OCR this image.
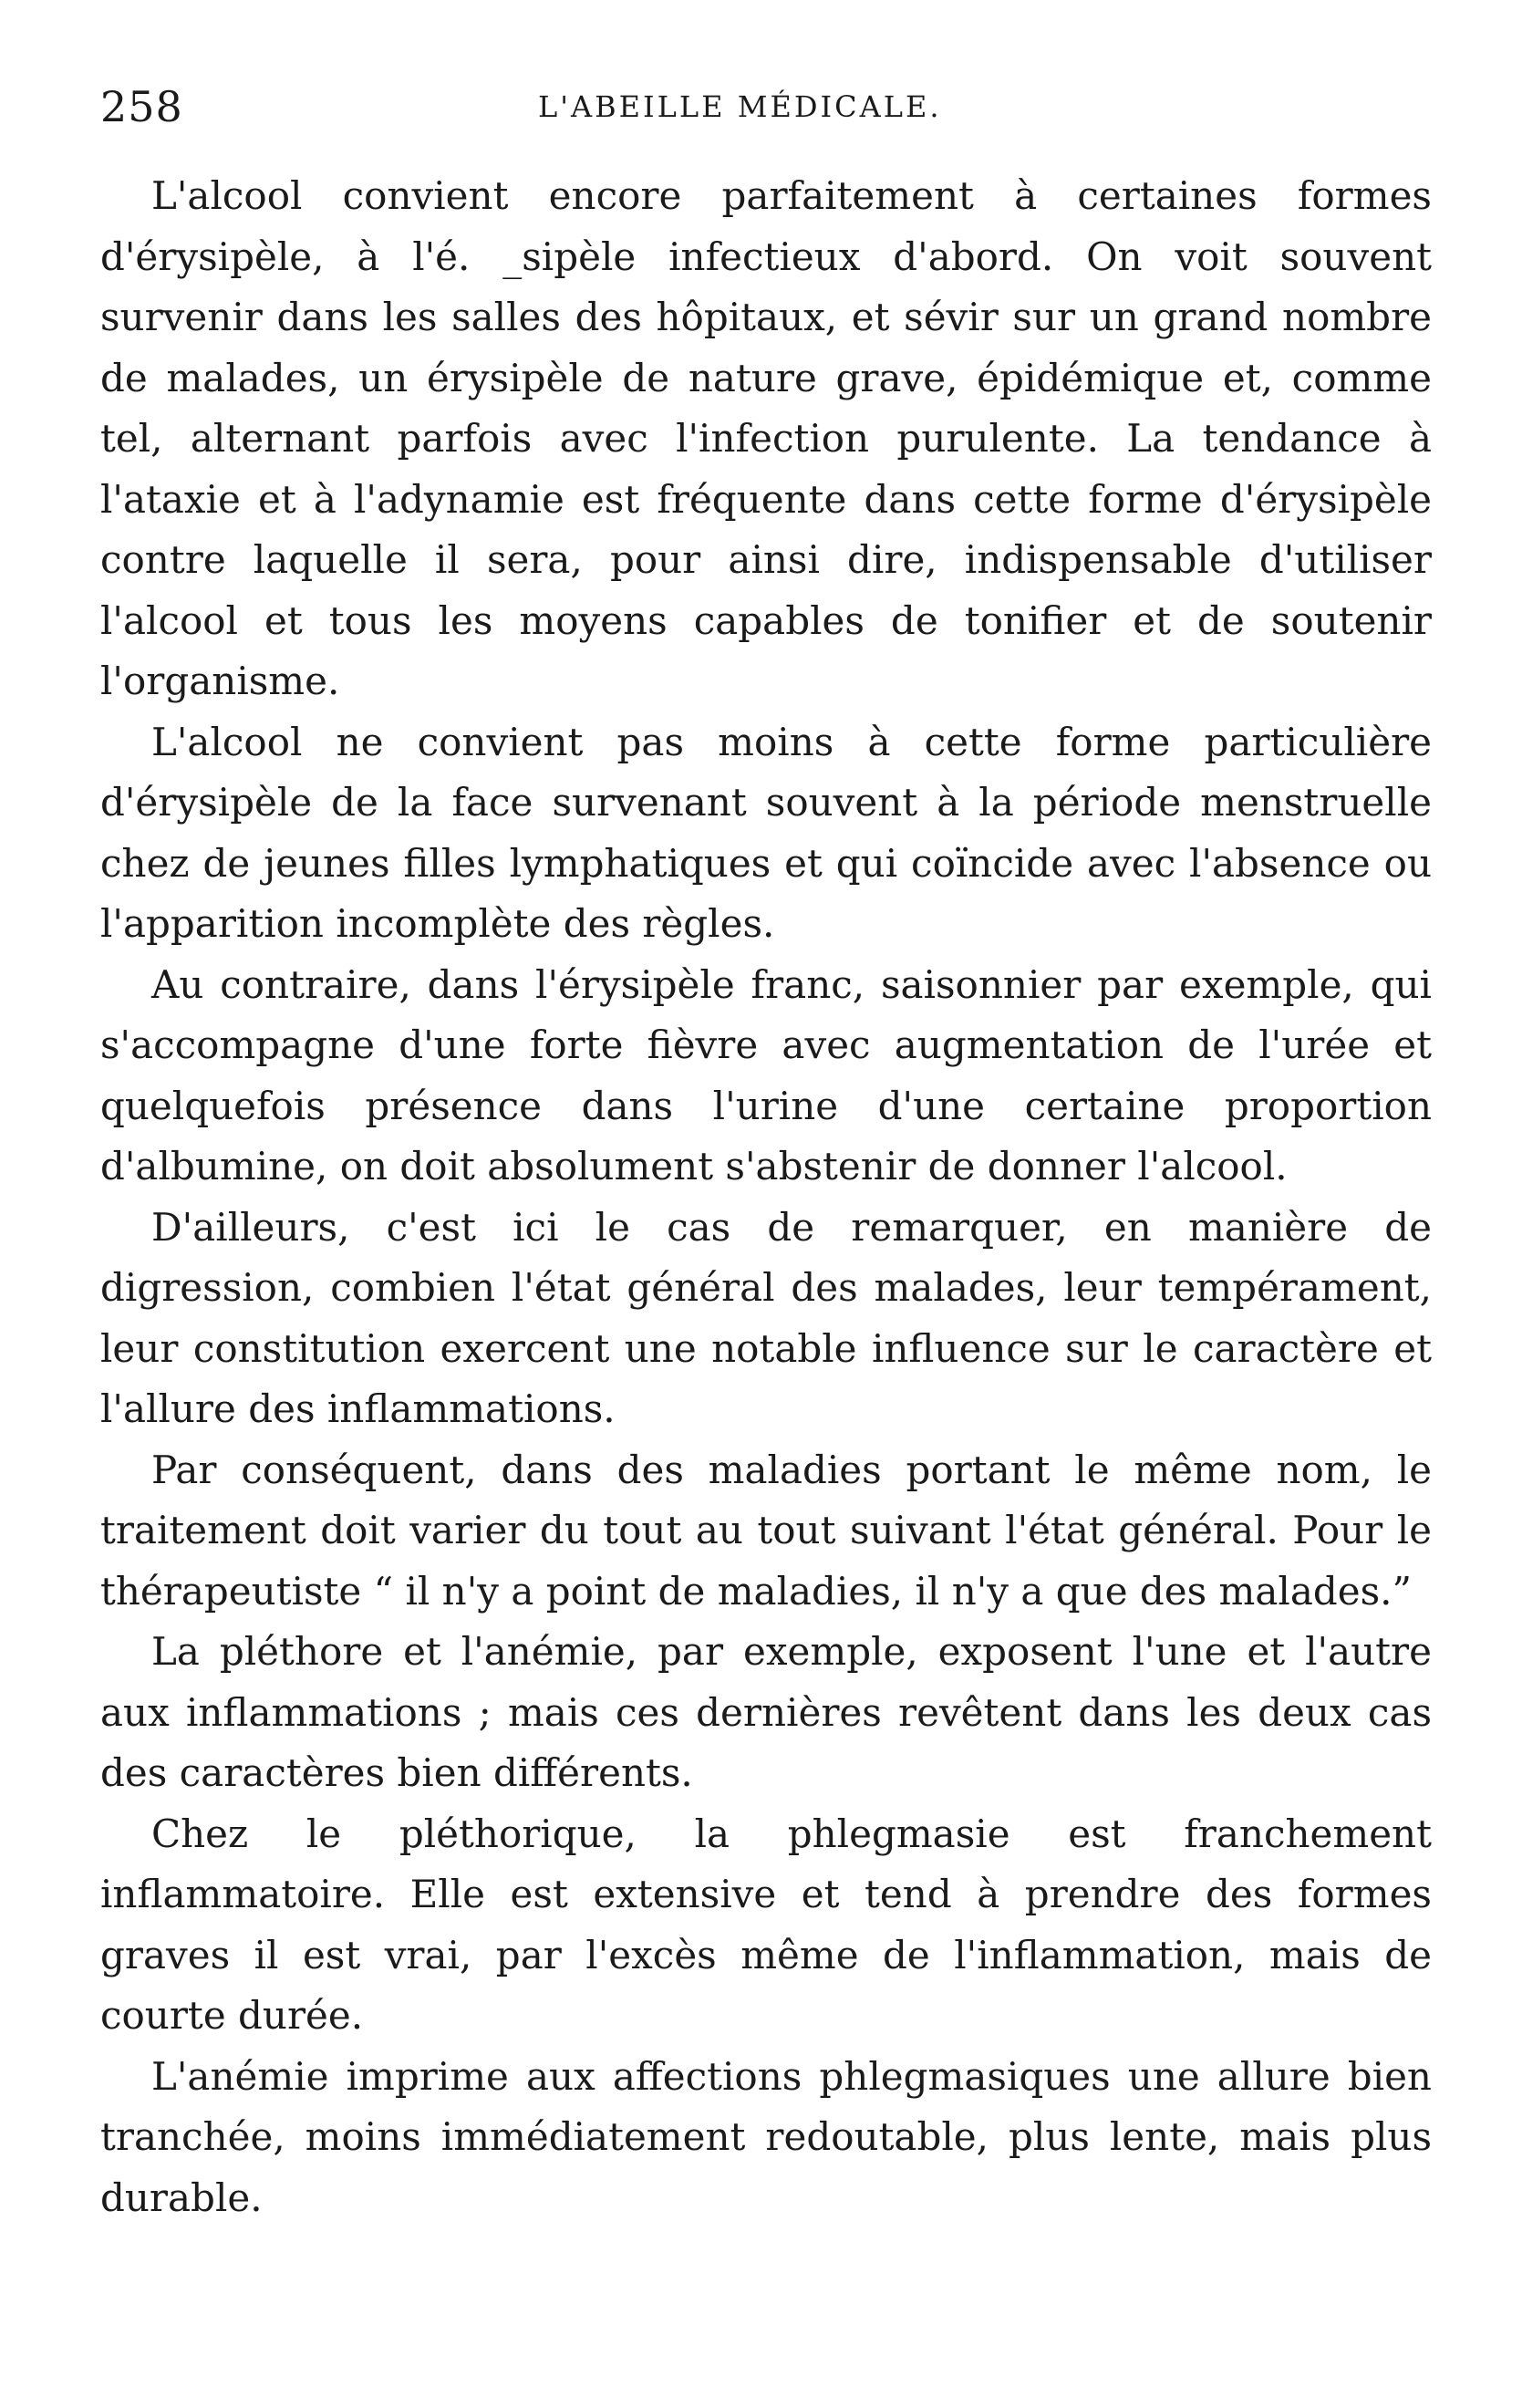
258	L'ABEILLE MÉDICALE.

L'alcool convient encore parfaitement à certaines formes d'érysipèle, à l'é. _sipèle infectieux d'abord. On voit souvent survenir dans les salles des hôpitaux, et sévir sur un grand nombre de malades, un érysipèle de nature grave, épidémique et, comme tel, alternant parfois avec l'infection purulente. La tendance à l'ataxie et à l'adynamie est fréquente dans cette forme d'érysipèle contre laquelle il sera, pour ainsi dire, indispensable d'utiliser l'alcool et tous les moyens capables de tonifier et de soutenir l'organisme.

L'alcool ne convient pas moins à cette forme particulière d'érysipèle de la face survenant souvent à la période menstruelle chez de jeunes filles lymphatiques et qui coïncide avec l'absence ou l'apparition incomplète des règles.

Au contraire, dans l'érysipèle franc, saisonnier par exemple, qui s'accompagne d'une forte fièvre avec augmentation de l'urée et quelquefois présence dans l'urine d'une certaine proportion d'albumine, on doit absolument s'abstenir de donner l'alcool.

D'ailleurs, c'est ici le cas de remarquer, en manière de digression, combien l'état général des malades, leur tempérament, leur constitution exercent une notable influence sur le caractère et l'allure des inflammations.

Par conséquent, dans des maladies portant le même nom, le traitement doit varier du tout au tout suivant l'état général. Pour le thérapeutiste “ il n'y a point de maladies, il n'y a que des malades.”

La pléthore et l'anémie, par exemple, exposent l'une et l'autre aux inflammations ; mais ces dernières revêtent dans les deux cas des caractères bien différents.

Chez le pléthorique, la phlegmasie est franchement inflammatoire. Elle est extensive et tend à prendre des formes graves il est vrai, par l'excès même de l'inflammation, mais de courte durée.

L'anémie imprime aux affections phlegmasiques une allure bien tranchée, moins immédiatement redoutable, plus lente, mais plus durable.
